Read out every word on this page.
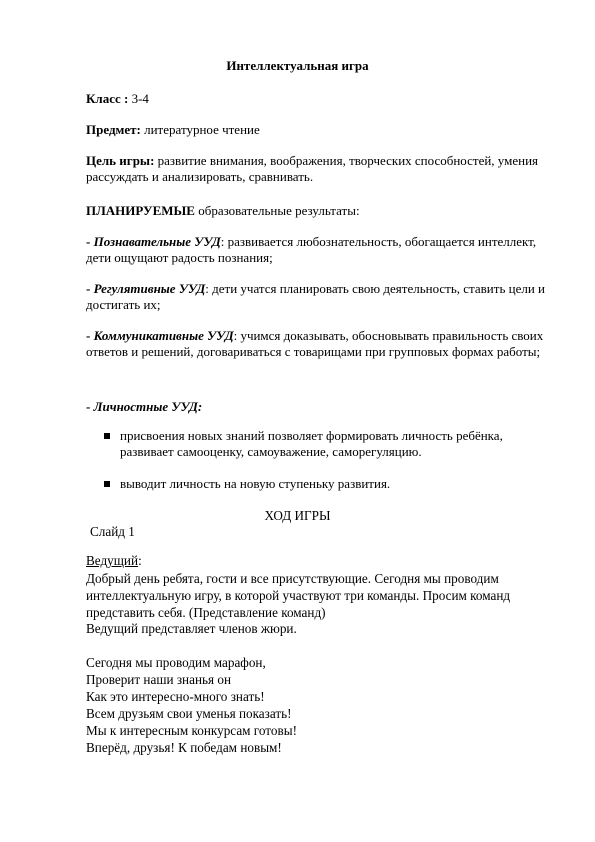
Интеллектуальная игра
Класс : 3-4
Предмет: литературное чтение
Цель игры: развитие внимания, воображения, творческих способностей, умения рассуждать и анализировать, сравнивать.
ПЛАНИРУЕМЫЕ образовательные результаты:
- Познавательные УУД: развивается любознательность, обогащается интеллект, дети ощущают радость познания;
- Регулятивные УУД: дети учатся планировать свою деятельность, ставить цели и достигать их;
- Коммуникативные УУД: учимся доказывать, обосновывать правильность своих ответов и решений, договариваться с товарищами при групповых формах работы;
- Личностные УУД:
присвоения новых знаний позволяет формировать личность ребёнка, развивает самооценку, самоуважение, саморегуляцию.
выводит личность на новую ступеньку развития.
ХОД ИГРЫ
Слайд 1
Ведущий:
Добрый день ребята, гости и все присутствующие. Сегодня мы проводим интеллектуальную игру, в которой участвуют три команды. Просим команд представить себя. (Представление команд)
Ведущий представляет членов жюри.
Сегодня мы проводим марафон,
Проверит наши знанья он
Как это интересно-много знать!
Всем друзьям свои уменья показать!
Мы к интересным конкурсам готовы!
Вперёд, друзья! К победам новым!
